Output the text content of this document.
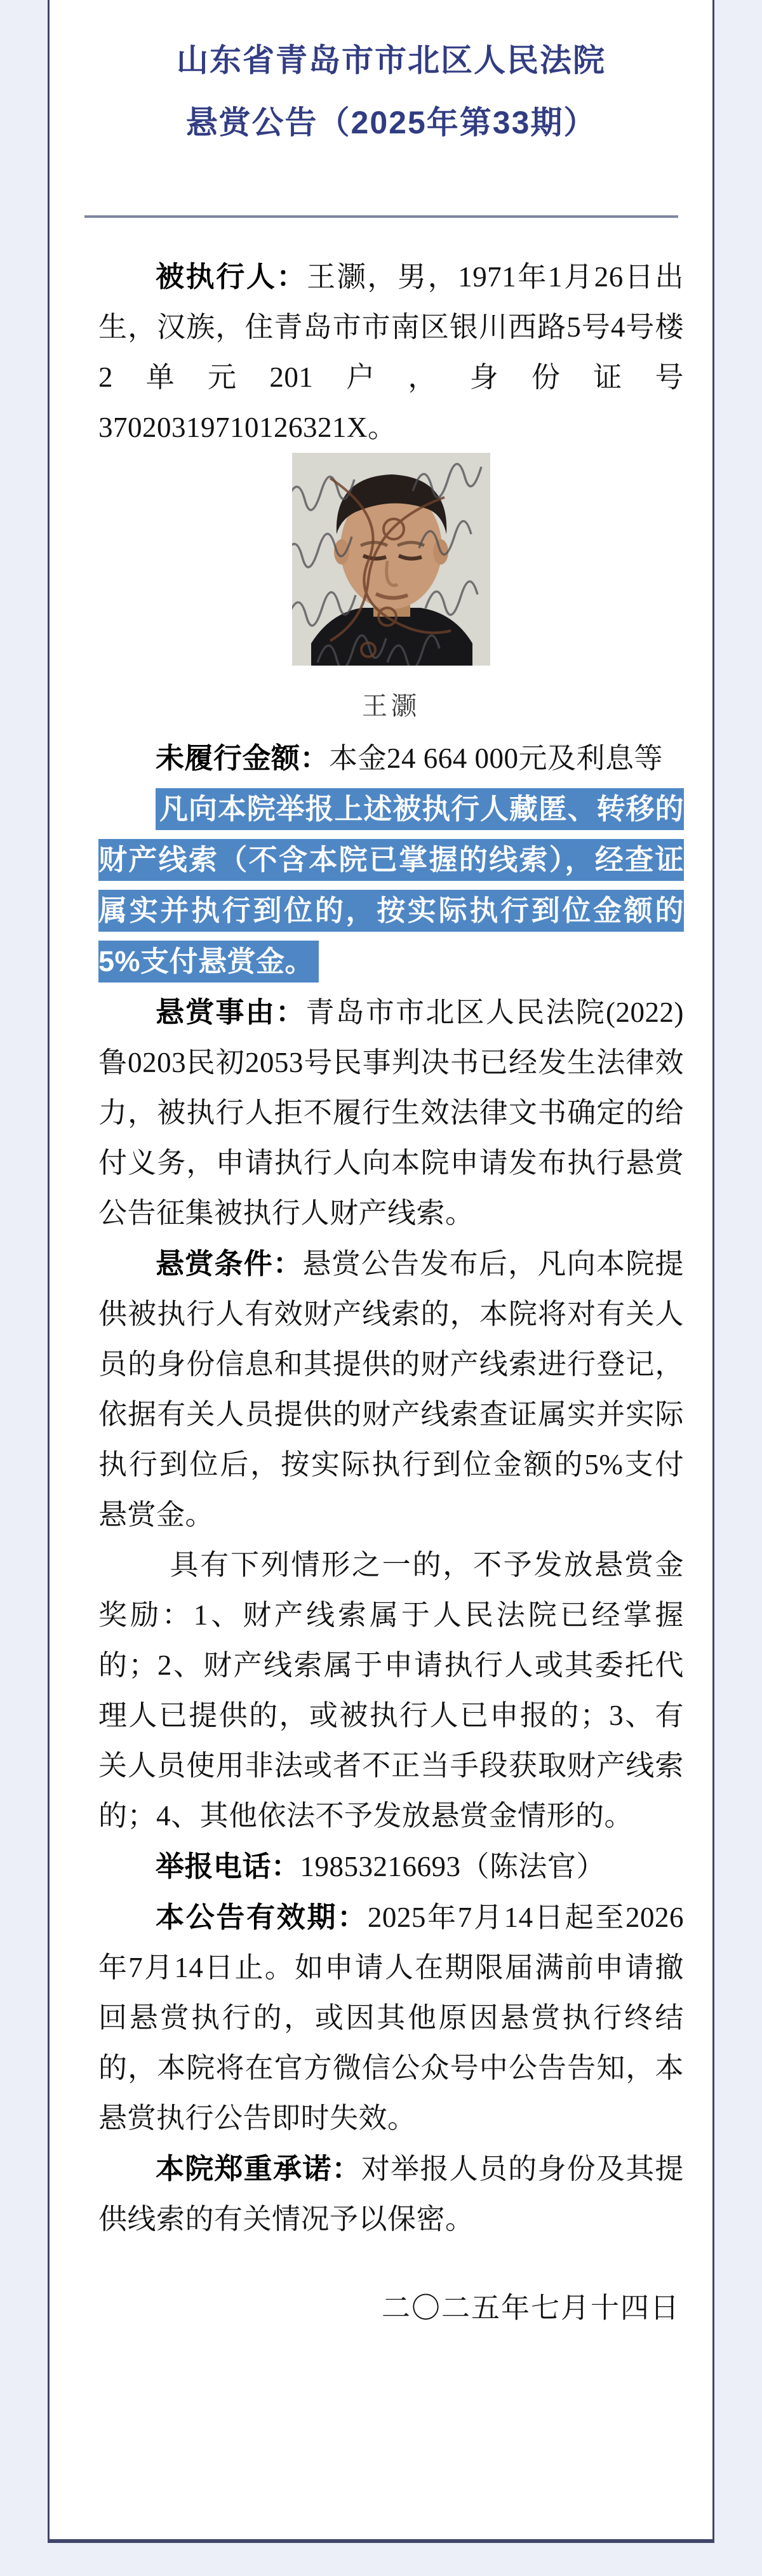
山东省青岛市市北区人民法院
悬赏公告（2025年第33期）

被执行人：王灏，男，1971年1月26日出生，汉族，住青岛市市南区银川西路5号4号楼2单元201户，身份证号37020319710126321X。

王灏

未履行金额：本金24 664 000元及利息等

凡向本院举报上述被执行人藏匿、转移的财产线索（不含本院已掌握的线索），经查证属实并执行到位的，按实际执行到位金额的5%支付悬赏金。

悬赏事由：青岛市市北区人民法院(2022)鲁0203民初2053号民事判决书已经发生法律效力，被执行人拒不履行生效法律文书确定的给付义务，申请执行人向本院申请发布执行悬赏公告征集被执行人财产线索。

悬赏条件：悬赏公告发布后，凡向本院提供被执行人有效财产线索的，本院将对有关人员的身份信息和其提供的财产线索进行登记，依据有关人员提供的财产线索查证属实并实际执行到位后，按实际执行到位金额的5%支付悬赏金。

具有下列情形之一的，不予发放悬赏金奖励：1、财产线索属于人民法院已经掌握的；2、财产线索属于申请执行人或其委托代理人已提供的，或被执行人已申报的；3、有关人员使用非法或者不正当手段获取财产线索的；4、其他依法不予发放悬赏金情形的。

举报电话：19853216693（陈法官）

本公告有效期：2025年7月14日起至2026年7月14日止。如申请人在期限届满前申请撤回悬赏执行的，或因其他原因悬赏执行终结的，本院将在官方微信公众号中公告告知，本悬赏执行公告即时失效。

本院郑重承诺：对举报人员的身份及其提供线索的有关情况予以保密。

二〇二五年七月十四日
